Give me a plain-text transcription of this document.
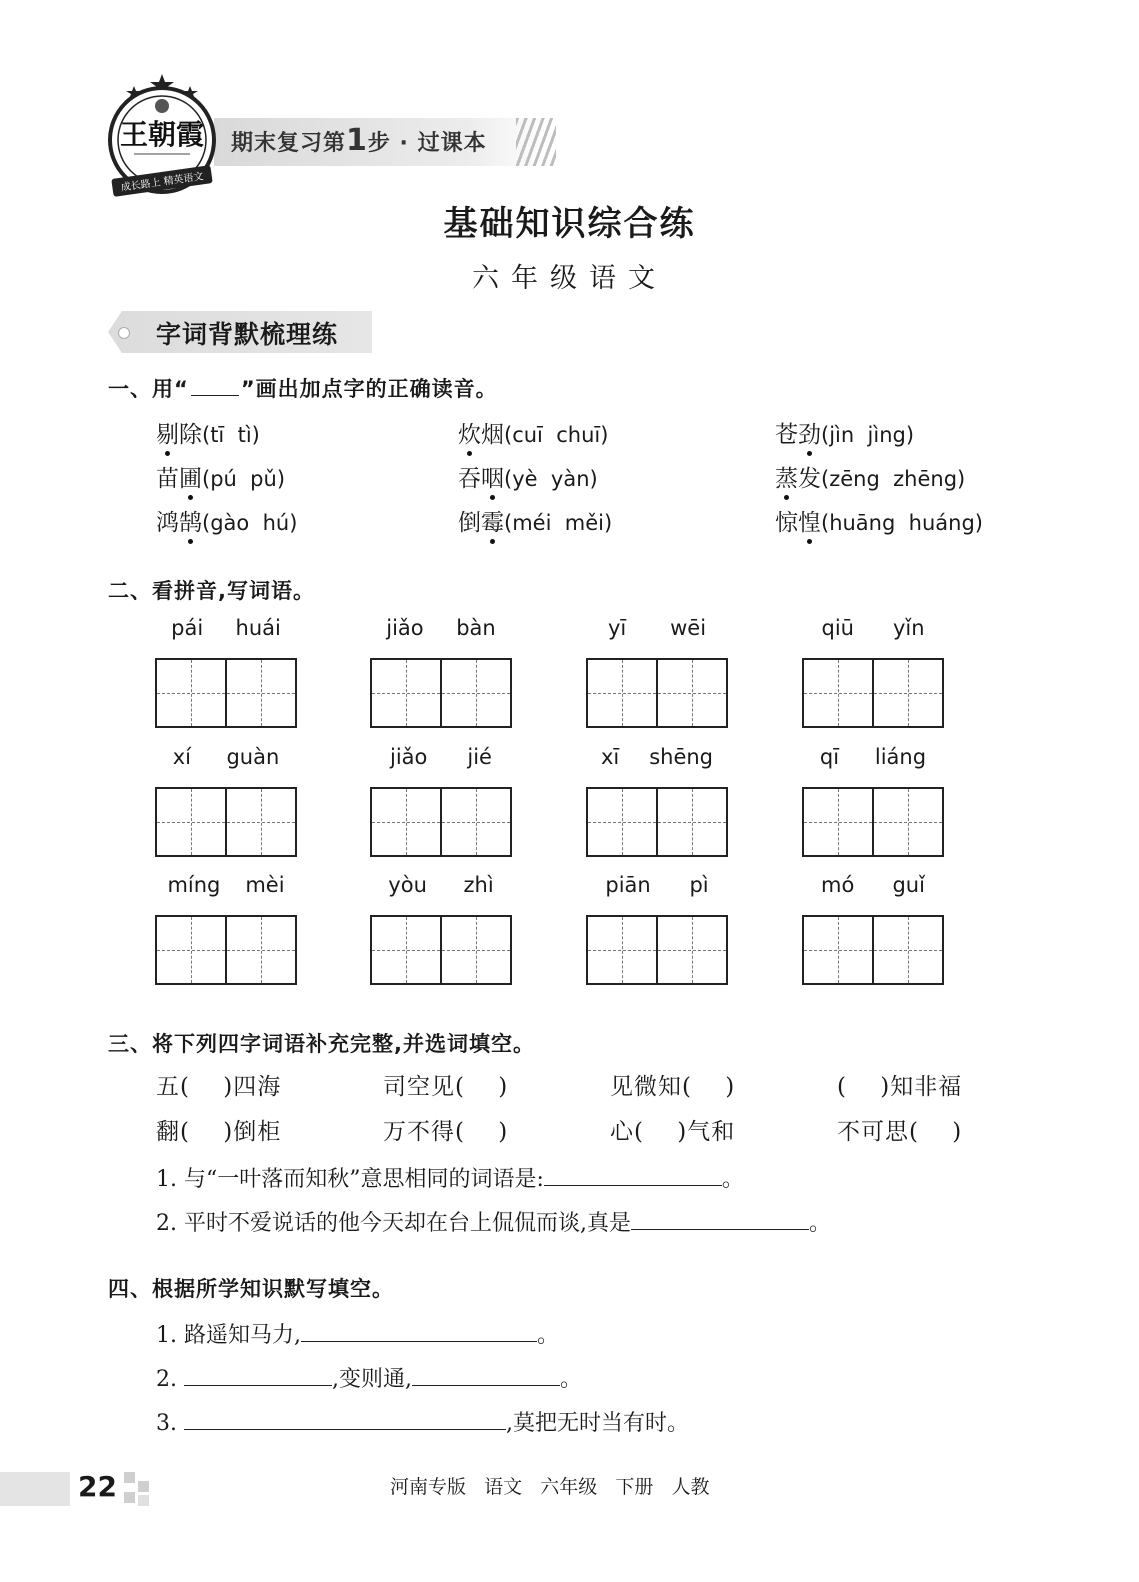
期末复习第1步 · 过课本
王朝霞
成长路上 精英语文
基础知识综合练
六年级语文
字词背默梳理练
一、用“ ”画出加点字的正确读音。
剔除(tī  tì)	炊烟(cuī  chuī)	苍劲(jìn  jìng)
苗圃(pú  pǔ)	吞咽(yè  yàn)	蒸发(zēng  zhēng)
鸿鹄(gào  hú)	倒霉(méi  měi)	惊惶(huāng  huáng)
二、看拼音,写词语。
pái huái	jiǎo bàn	yī wēi	qiū yǐn
xí guàn	jiǎo jié	xī shēng	qī liáng
míng mèi	yòu zhì	piān pì	mó guǐ
三、将下列四字词语补充完整,并选词填空。
五(    )四海	司空见(    )	见微知(    )	(    )知非福
翻(    )倒柜	万不得(    )	心(    )气和	不可思(    )
1. 与“一叶落而知秋”意思相同的词语是:	。
2. 平时不爱说话的他今天却在台上侃侃而谈,真是	。
四、根据所学知识默写填空。
1. 路遥知马力,	。
2.	,变则通,	。
3.	,莫把无时当有时。
22	河南专版   语文   六年级   下册   人教
